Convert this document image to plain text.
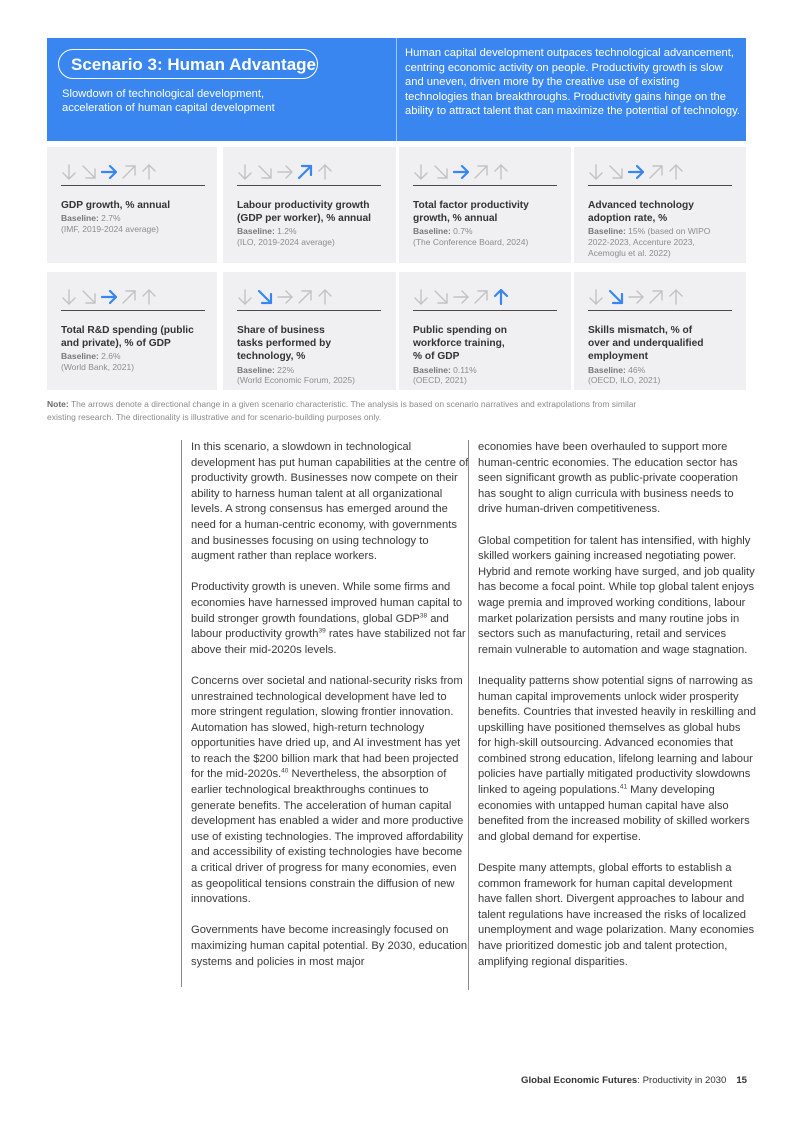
Scenario 3: Human Advantage
Slowdown of technological development,
acceleration of human capital development
Human capital development outpaces technological advancement, centring economic activity on people. Productivity growth is slow and uneven, driven more by the creative use of existing technologies than breakthroughs. Productivity gains hinge on the ability to attract talent that can maximize the potential of technology.
GDP growth, % annual
Baseline: 2.7%
(IMF, 2019-2024 average)
Labour productivity growth
(GDP per worker), % annual
Baseline: 1.2%
(ILO, 2019-2024 average)
Total factor productivity
growth, % annual
Baseline: 0.7%
(The Conference Board, 2024)
Advanced technology
adoption rate, %
Baseline: 15% (based on WIPO
2022-2023, Accenture 2023,
Acemoglu et al. 2022)
Total R&D spending (public
and private), % of GDP
Baseline: 2.6%
(World Bank, 2021)
Share of business
tasks performed by
technology, %
Baseline: 22%
(World Economic Forum, 2025)
Public spending on
workforce training,
% of GDP
Baseline: 0.11%
(OECD, 2021)
Skills mismatch, % of
over and underqualified
employment
Baseline: 46%
(OECD, ILO, 2021)
Note: The arrows denote a directional change in a given scenario characteristic. The analysis is based on scenario narratives and extrapolations from similar
existing research. The directionality is illustrative and for scenario-building purposes only.

In this scenario, a slowdown in technological development has put human capabilities at the centre of productivity growth. Businesses now compete on their ability to harness human talent at all organizational levels. A strong consensus has emerged around the need for a human-centric economy, with governments and businesses focusing on using technology to augment rather than replace workers.

Productivity growth is uneven. While some firms and economies have harnessed improved human capital to build stronger growth foundations, global GDP$^{38}$ and labour productivity growth$^{39}$ rates have stabilized not far above their mid-2020s levels.

Concerns over societal and national-security risks from unrestrained technological development have led to more stringent regulation, slowing frontier innovation. Automation has slowed, high-return technology opportunities have dried up, and AI investment has yet to reach the $200 billion mark that had been projected for the mid-2020s.$^{40}$ Nevertheless, the absorption of earlier technological breakthroughs continues to generate benefits. The acceleration of human capital development has enabled a wider and more productive use of existing technologies. The improved affordability and accessibility of existing technologies have become a critical driver of progress for many economies, even as geopolitical tensions constrain the diffusion of new innovations.

Governments have become increasingly focused on maximizing human capital potential. By 2030, education systems and policies in most major

economies have been overhauled to support more human-centric economies. The education sector has seen significant growth as public-private cooperation has sought to align curricula with business needs to drive human-driven competitiveness.

Global competition for talent has intensified, with highly skilled workers gaining increased negotiating power. Hybrid and remote working have surged, and job quality has become a focal point. While top global talent enjoys wage premia and improved working conditions, labour market polarization persists and many routine jobs in sectors such as manufacturing, retail and services remain vulnerable to automation and wage stagnation.

Inequality patterns show potential signs of narrowing as human capital improvements unlock wider prosperity benefits. Countries that invested heavily in reskilling and upskilling have positioned themselves as global hubs for high-skill outsourcing. Advanced economies that combined strong education, lifelong learning and labour policies have partially mitigated productivity slowdowns linked to ageing populations.$^{41}$ Many developing economies with untapped human capital have also benefited from the increased mobility of skilled workers and global demand for expertise.

Despite many attempts, global efforts to establish a common framework for human capital development have fallen short. Divergent approaches to labour and talent regulations have increased the risks of localized unemployment and wage polarization. Many economies have prioritized domestic job and talent protection, amplifying regional disparities.

Global Economic Futures: Productivity in 2030 15
